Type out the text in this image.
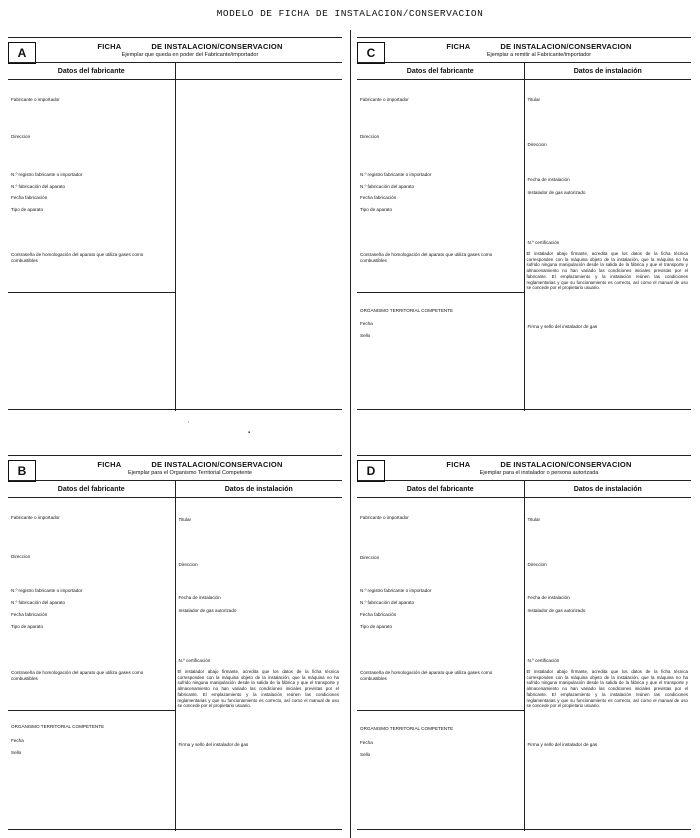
MODELO DE FICHA DE INSTALACION/CONSERVACION
A	FICHA	DE INSTALACION/CONSERVACION
Ejemplar que queda en poder del Fabricante/importador
Datos del fabricante
Fabricante o importador
Direccion
N.º registro fabricante o importador
N.º fabricación del aparato
Fecha fabricación
Tipo de aparato
Contraseña de homologación del aparato que utiliza gases como combustibles
C	FICHA	DE INSTALACION/CONSERVACION
Ejemplar a remitir al Fabricante/importador
Datos del fabricante	Datos de instalación
Fabricante o importador
Direccion
N.º registro fabricante o importador
N.º fabricación del aparato
Fecha fabricación
Tipo de aparato
Contraseña de homologación del aparato que utiliza gases como combustibles
ORGANISMO TERRITORIAL COMPETENTE
Fecha
Sello
Titular
Direccion
Fecha de instalación
Instalador de gas autorizado
N.º certificación
El instalador abajo firmante, acredita que los datos de la ficha técnica corresponden con la máquina objeto de la instalación, que la máquina no ha sufrido ninguna manipulación desde la salida de la fábrica y que el transporte y almacenamiento no han variado las condiciones iniciales previstas por el fabricante. El emplazamiento y la instalación reúnen las condiciones reglamentarias y que su funcionamiento es correcto, así como el manual de uso se concede por el propietario usuario.
Firma y sello del instalador de gas
B	FICHA	DE INSTALACION/CONSERVACION
Ejemplar para el Organismo Territorial Competente
Datos del fabricante	Datos de instalación
Fabricante o importador
Direccion
N.º registro fabricante o importador
N.º fabricación del aparato
Fecha fabricación
Tipo de aparato
Contraseña de homologación del aparato que utiliza gases como combustibles
ORGANISMO TERRITORIAL COMPETENTE
Fecha
Sello
Titular
Direccion
Fecha de instalación
Instalador de gas autorizado
N.º certificación
El instalador abajo firmante, acredita que los datos de la ficha técnica corresponden con la máquina objeto de la instalación, que la máquina no ha sufrido ninguna manipulación desde la salida de la fábrica y que el transporte y almacenamiento no han variado las condiciones iniciales previstas por el fabricante. El emplazamiento y la instalación reúnen las condiciones reglamentarias y que su funcionamiento es correcto, así como el manual de uso se concede por el propietario usuario.
Firma y sello del instalador de gas
D	FICHA	DE INSTALACION/CONSERVACION
Ejemplar para el instalador o persona autorizada
Datos del fabricante	Datos de instalación
Fabricante o importador
Direccion
N.º registro fabricante o importador
N.º fabricación del aparato
Fecha fabricación
Tipo de aparato
Contraseña de homologación del aparato que utiliza gases como combustibles
ORGANISMO TERRITORIAL COMPETENTE
Fecha
Sello
Titular
Direccion
Fecha de instalación
Instalador de gas autorizado
N.º certificación
El instalador abajo firmante, acredita que los datos de la ficha técnica corresponden con la máquina objeto de la instalación, que la máquina no ha sufrido ninguna manipulación desde la salida de la fábrica y que el transporte y almacenamiento no han variado las condiciones iniciales previstas por el fabricante. El emplazamiento y la instalación reúnen las condiciones reglamentarias y que su funcionamiento es correcto, así como el manual de uso se concede por el propietario usuario.
Firma y sello del instalador de gas
’
▪
